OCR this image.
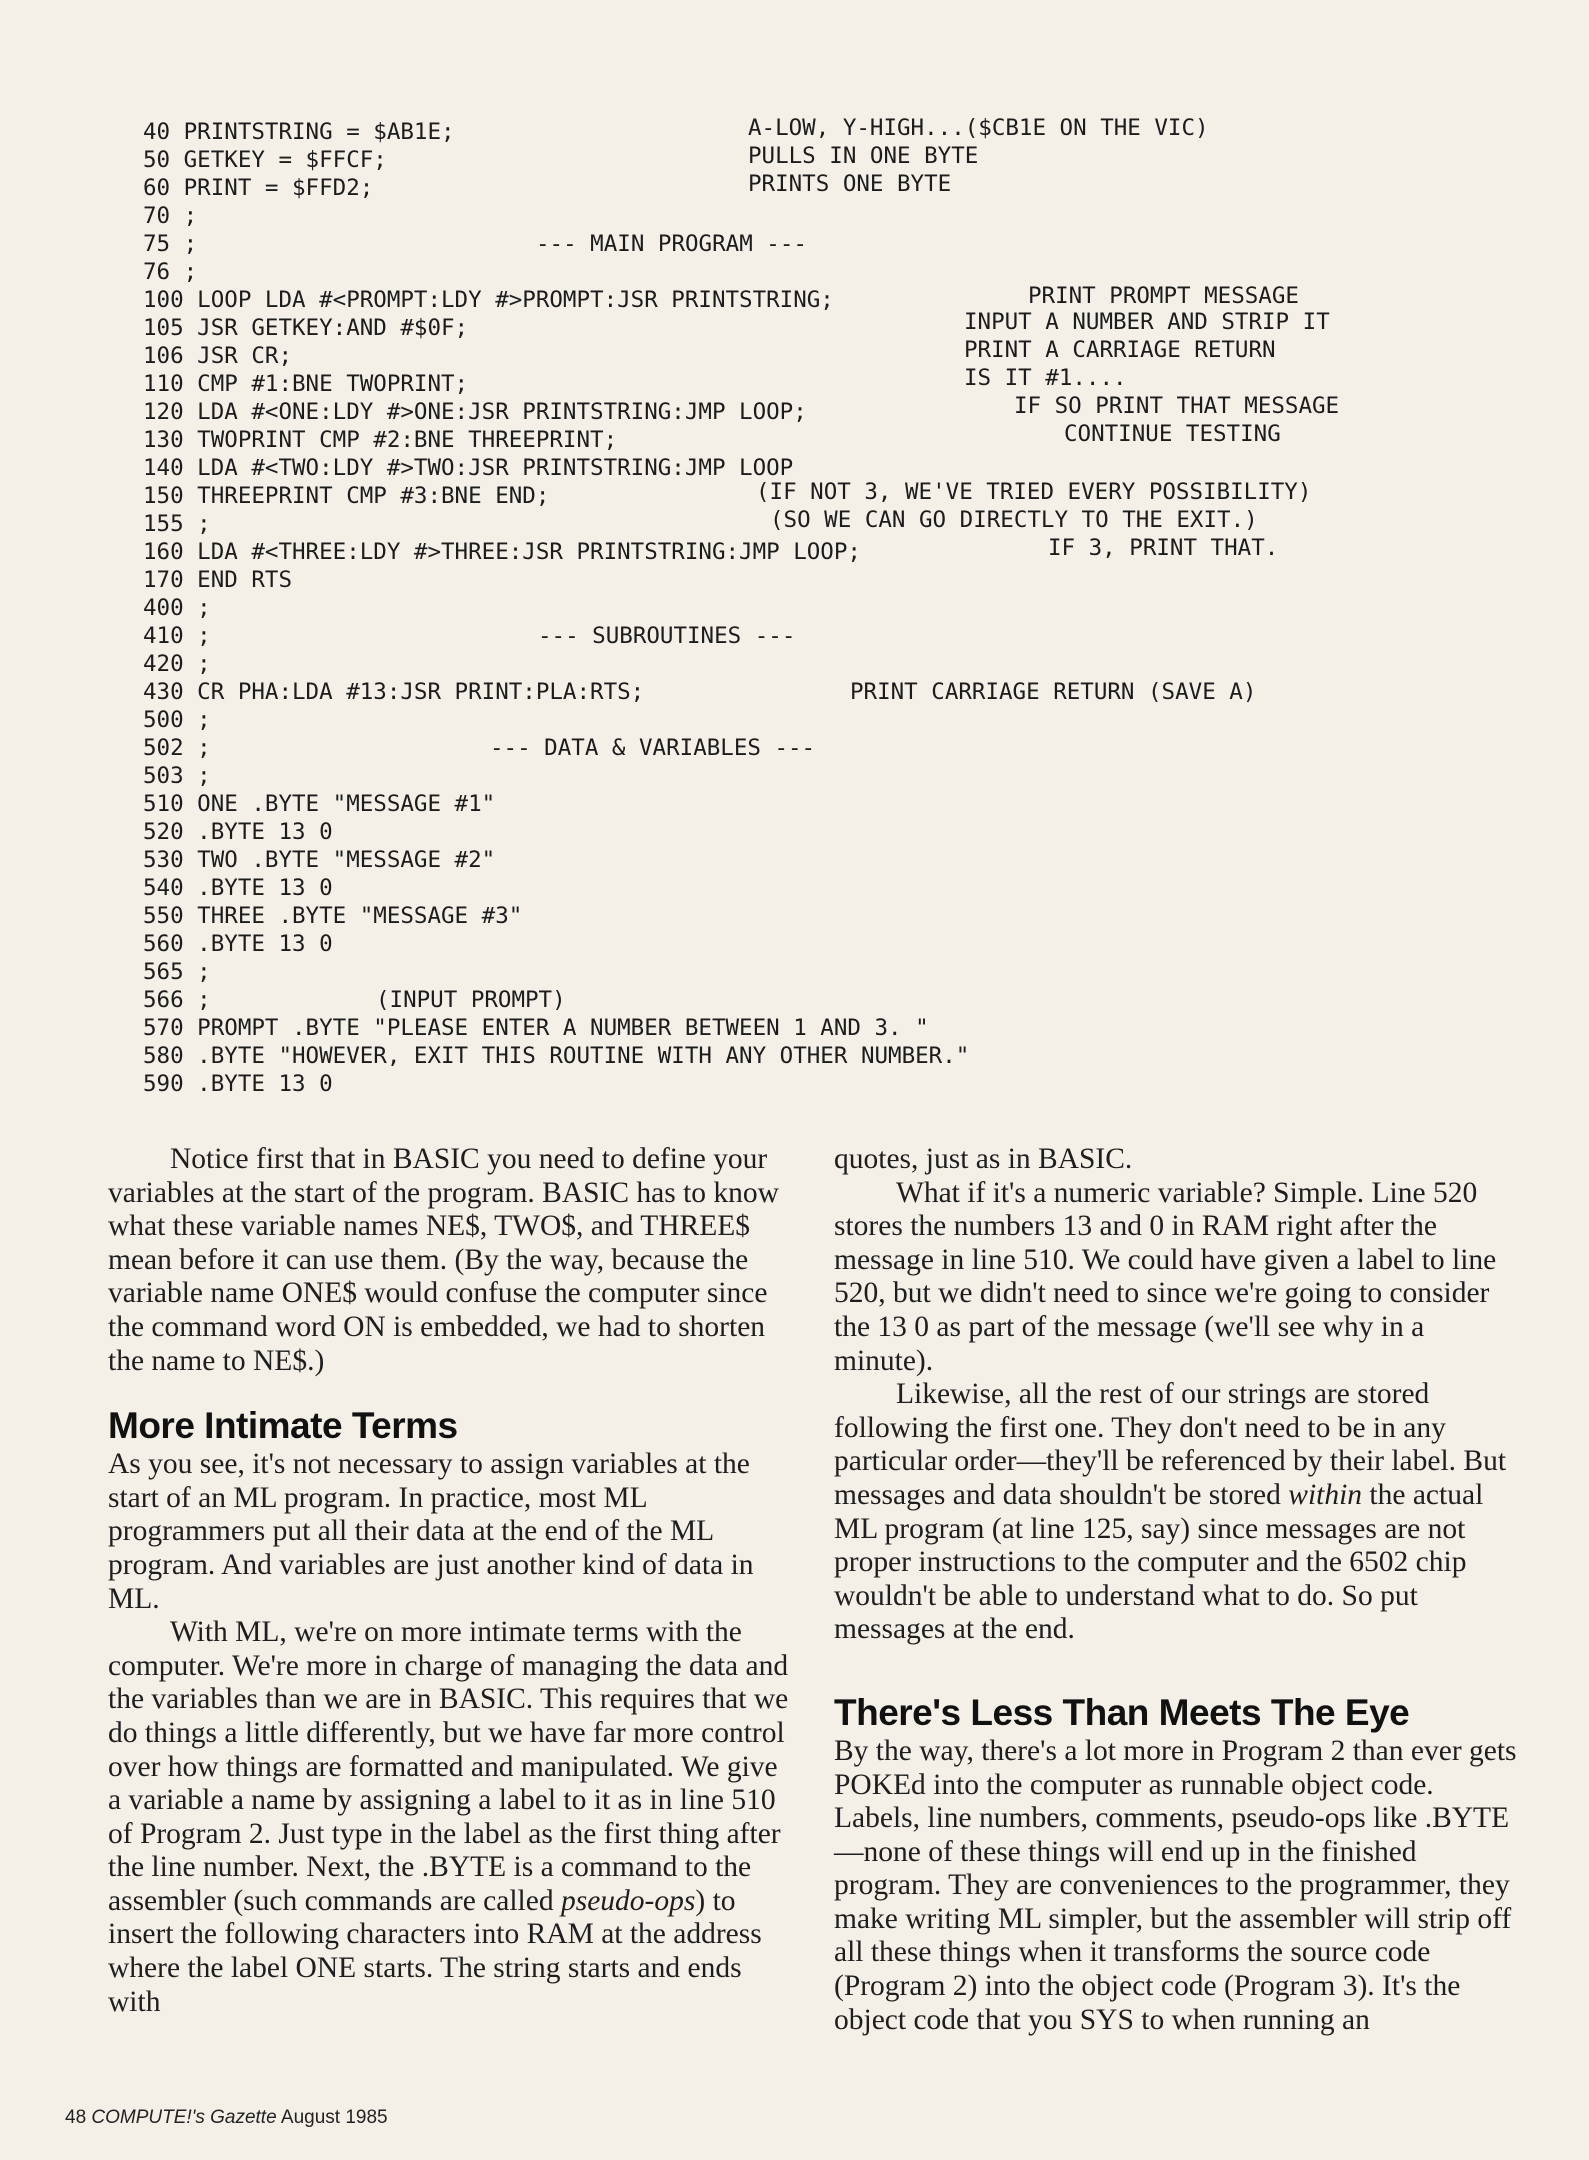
40 PRINTSTRING = $AB1E;
50 GETKEY = $FFCF;
60 PRINT = $FFD2;
70 ;
75 ;
76 ;
100 LOOP LDA #<PROMPT:LDY #>PROMPT:JSR PRINTSTRING;
105 JSR GETKEY:AND #$0F;
106 JSR CR;
110 CMP #1:BNE TWOPRINT;
120 LDA #<ONE:LDY #>ONE:JSR PRINTSTRING:JMP LOOP;
130 TWOPRINT CMP #2:BNE THREEPRINT;
140 LDA #<TWO:LDY #>TWO:JSR PRINTSTRING:JMP LOOP
150 THREEPRINT CMP #3:BNE END;
155 ;
160 LDA #<THREE:LDY #>THREE:JSR PRINTSTRING:JMP LOOP;
170 END RTS
400 ;
410 ;
420 ;
430 CR PHA:LDA #13:JSR PRINT:PLA:RTS;
500 ;
502 ;
503 ;
510 ONE .BYTE "MESSAGE #1"
520 .BYTE 13 0
530 TWO .BYTE "MESSAGE #2"
540 .BYTE 13 0
550 THREE .BYTE "MESSAGE #3"
560 .BYTE 13 0
565 ;
566 ;
570 PROMPT .BYTE "PLEASE ENTER A NUMBER BETWEEN 1 AND 3. "
580 .BYTE "HOWEVER, EXIT THIS ROUTINE WITH ANY OTHER NUMBER."
590 .BYTE 13 0
A-LOW, Y-HIGH...($CB1E ON THE VIC)
PULLS IN ONE BYTE
PRINTS ONE BYTE
--- MAIN PROGRAM ---
PRINT PROMPT MESSAGE
INPUT A NUMBER AND STRIP IT
PRINT A CARRIAGE RETURN
IS IT #1....
IF SO PRINT THAT MESSAGE
CONTINUE TESTING
(IF NOT 3, WE'VE TRIED EVERY POSSIBILITY)
(SO WE CAN GO DIRECTLY TO THE EXIT.)
IF 3, PRINT THAT.
--- SUBROUTINES ---
PRINT CARRIAGE RETURN (SAVE A)
--- DATA & VARIABLES ---
(INPUT PROMPT)

Notice first that in BASIC you need to define your variables at the start of the program. BASIC has to know what these variable names NE$, TWO$, and THREE$ mean before it can use them. (By the way, because the variable name ONE$ would confuse the computer since the command word ON is embedded, we had to shorten the name to NE$.)

More Intimate Terms

As you see, it's not necessary to assign variables at the start of an ML program. In practice, most ML programmers put all their data at the end of the ML program. And variables are just another kind of data in ML.

With ML, we're on more intimate terms with the computer. We're more in charge of managing the data and the variables than we are in BASIC. This requires that we do things a little differently, but we have far more control over how things are formatted and manipulated. We give a variable a name by assigning a label to it as in line 510 of Program 2. Just type in the label as the first thing after the line number. Next, the .BYTE is a command to the assembler (such commands are called pseudo-ops) to insert the following characters into RAM at the address where the label ONE starts. The string starts and ends with

quotes, just as in BASIC.

What if it's a numeric variable? Simple. Line 520 stores the numbers 13 and 0 in RAM right after the message in line 510. We could have given a label to line 520, but we didn't need to since we're going to consider the 13 0 as part of the message (we'll see why in a minute).

Likewise, all the rest of our strings are stored following the first one. They don't need to be in any particular order—they'll be referenced by their label. But messages and data shouldn't be stored within the actual ML program (at line 125, say) since messages are not proper instructions to the computer and the 6502 chip wouldn't be able to understand what to do. So put messages at the end.

There's Less Than Meets The Eye

By the way, there's a lot more in Program 2 than ever gets POKEd into the computer as runnable object code. Labels, line numbers, comments, pseudo-ops like .BYTE—none of these things will end up in the finished program. They are conveniences to the programmer, they make writing ML simpler, but the assembler will strip off all these things when it transforms the source code (Program 2) into the object code (Program 3). It's the object code that you SYS to when running an

48 COMPUTE!'s Gazette August 1985
